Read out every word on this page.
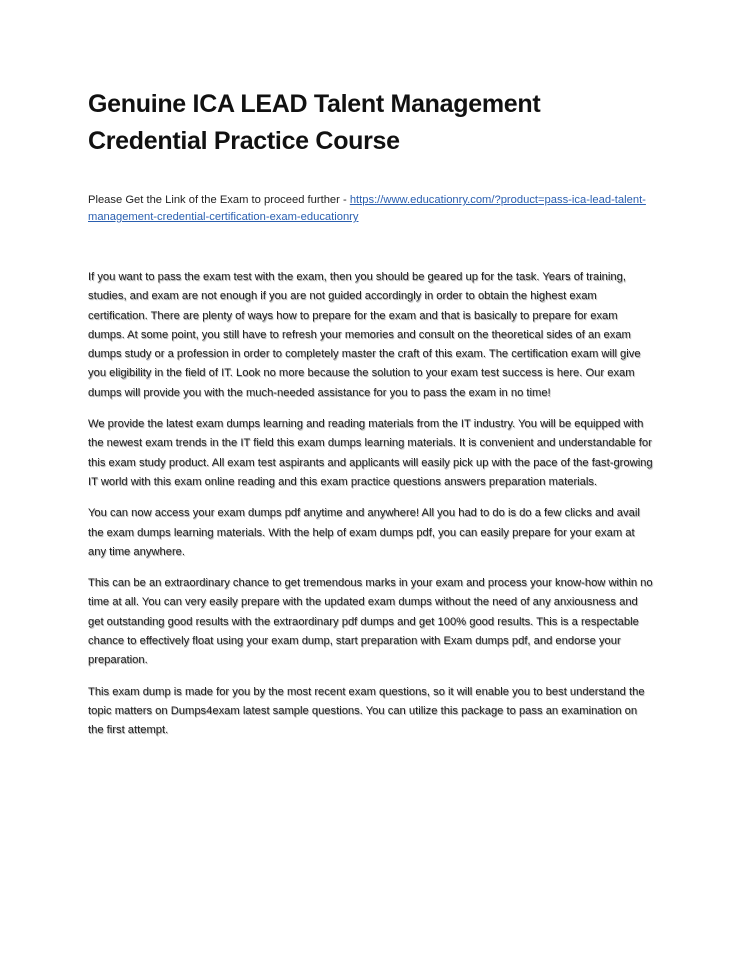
Genuine ICA LEAD Talent Management Credential Practice Course
Please Get the Link of the Exam to proceed further - https://www.educationry.com/?product=pass-ica-lead-talent-management-credential-certification-exam-educationry

If you want to pass the exam test with the exam, then you should be geared up for the task. Years of training, studies, and exam are not enough if you are not guided accordingly in order to obtain the highest exam certification. There are plenty of ways how to prepare for the exam and that is basically to prepare for exam dumps. At some point, you still have to refresh your memories and consult on the theoretical sides of an exam dumps study or a profession in order to completely master the craft of this exam. The certification exam will give you eligibility in the field of IT. Look no more because the solution to your exam test success is here. Our exam dumps will provide you with the much-needed assistance for you to pass the exam in no time!

We provide the latest exam dumps learning and reading materials from the IT industry. You will be equipped with the newest exam trends in the IT field this exam dumps learning materials. It is convenient and understandable for this exam study product. All exam test aspirants and applicants will easily pick up with the pace of the fast-growing IT world with this exam online reading and this exam practice questions answers preparation materials.

You can now access your exam dumps pdf anytime and anywhere! All you had to do is do a few clicks and avail the exam dumps learning materials. With the help of exam dumps pdf, you can easily prepare for your exam at any time anywhere.

This can be an extraordinary chance to get tremendous marks in your exam and process your know-how within no time at all. You can very easily prepare with the updated exam dumps without the need of any anxiousness and get outstanding good results with the extraordinary pdf dumps and get 100% good results. This is a respectable chance to effectively float using your exam dump, start preparation with Exam dumps pdf, and endorse your preparation.

This exam dump is made for you by the most recent exam questions, so it will enable you to best understand the topic matters on Dumps4exam latest sample questions. You can utilize this package to pass an examination on the first attempt.
